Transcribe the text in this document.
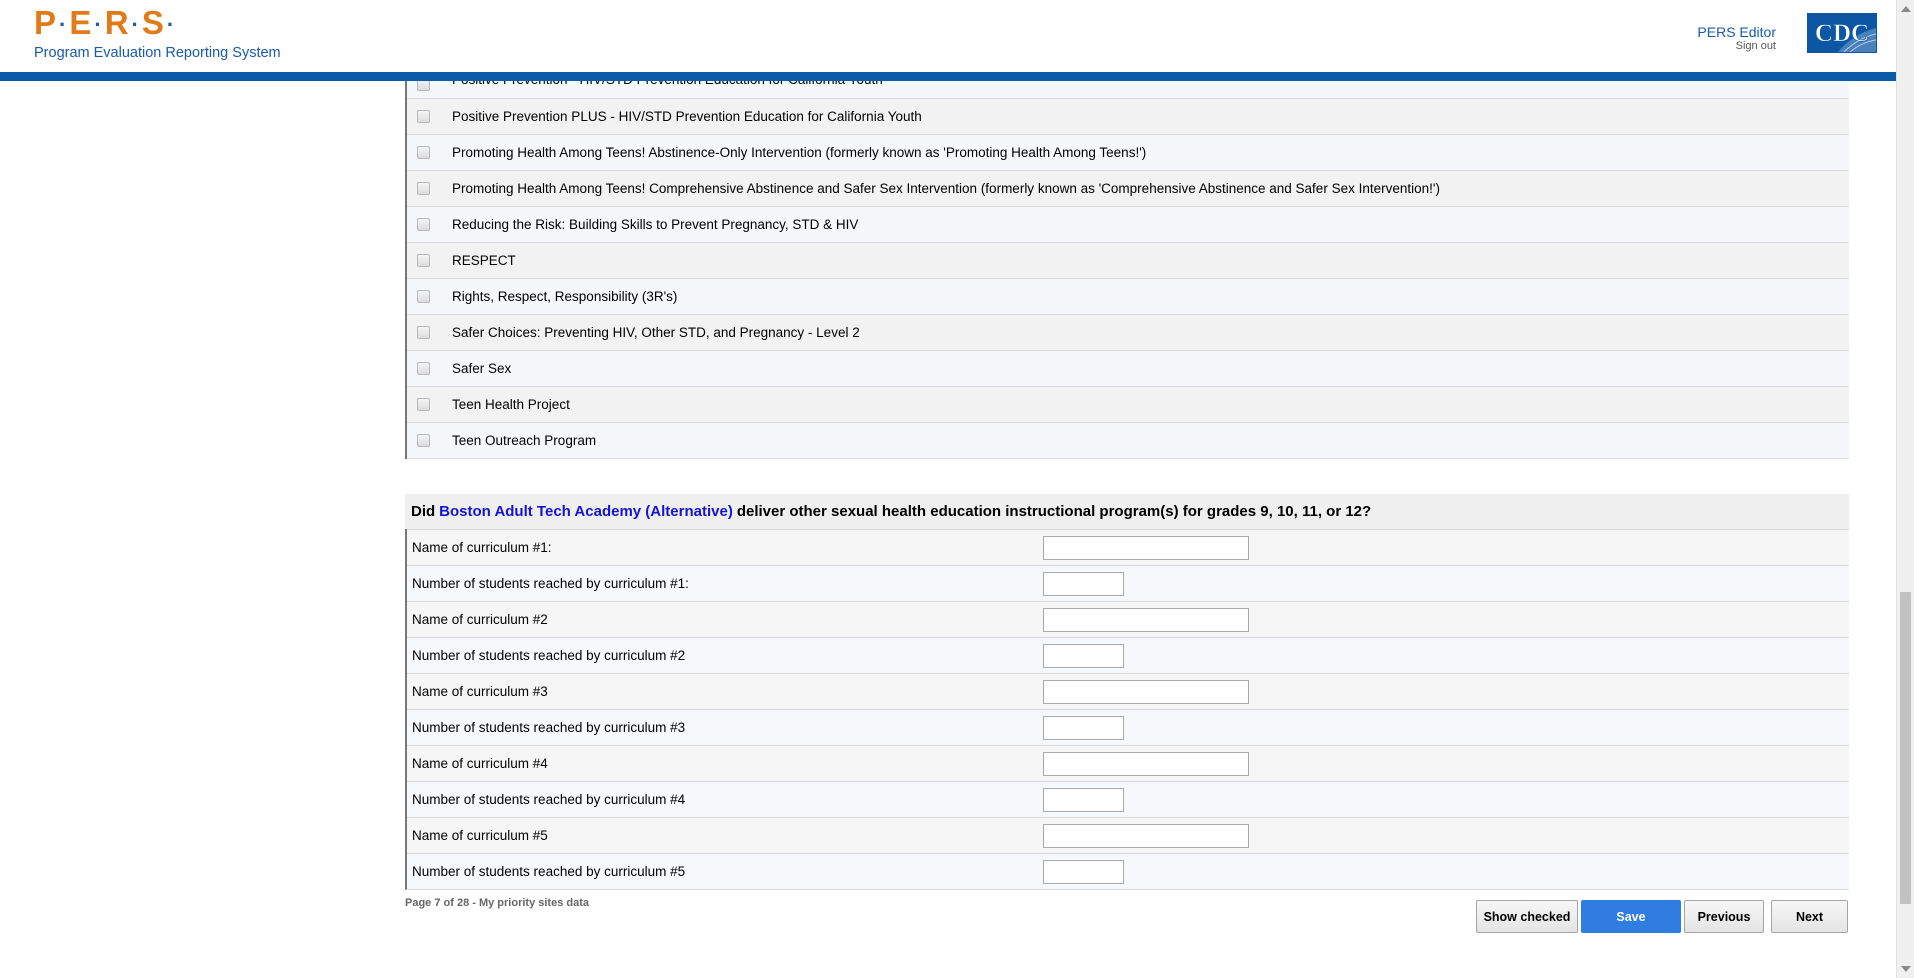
P·E·R·S·
Program Evaluation Reporting System
PERS Editor
Sign out CDC
Positive Prevention PLUS - HIV/STD Prevention Education for California Youth
Promoting Health Among Teens! Abstinence-Only Intervention (formerly known as 'Promoting Health Among Teens!')
Promoting Health Among Teens! Comprehensive Abstinence and Safer Sex Intervention (formerly known as 'Comprehensive Abstinence and Safer Sex Intervention!')
Reducing the Risk: Building Skills to Prevent Pregnancy, STD & HIV
RESPECT
Rights, Respect, Responsibility (3R's)
Safer Choices: Preventing HIV, Other STD, and Pregnancy - Level 2
Safer Sex
Teen Health Project
Teen Outreach Program
Did Boston Adult Tech Academy (Alternative) deliver other sexual health education instructional program(s) for grades 9, 10, 11, or 12?
Name of curriculum #1:
Number of students reached by curriculum #1:
Name of curriculum #2
Number of students reached by curriculum #2
Name of curriculum #3
Number of students reached by curriculum #3
Name of curriculum #4
Number of students reached by curriculum #4
Name of curriculum #5
Number of students reached by curriculum #5
Page 7 of 28 - My priority sites data
Show checked	Save	Previous	Next
